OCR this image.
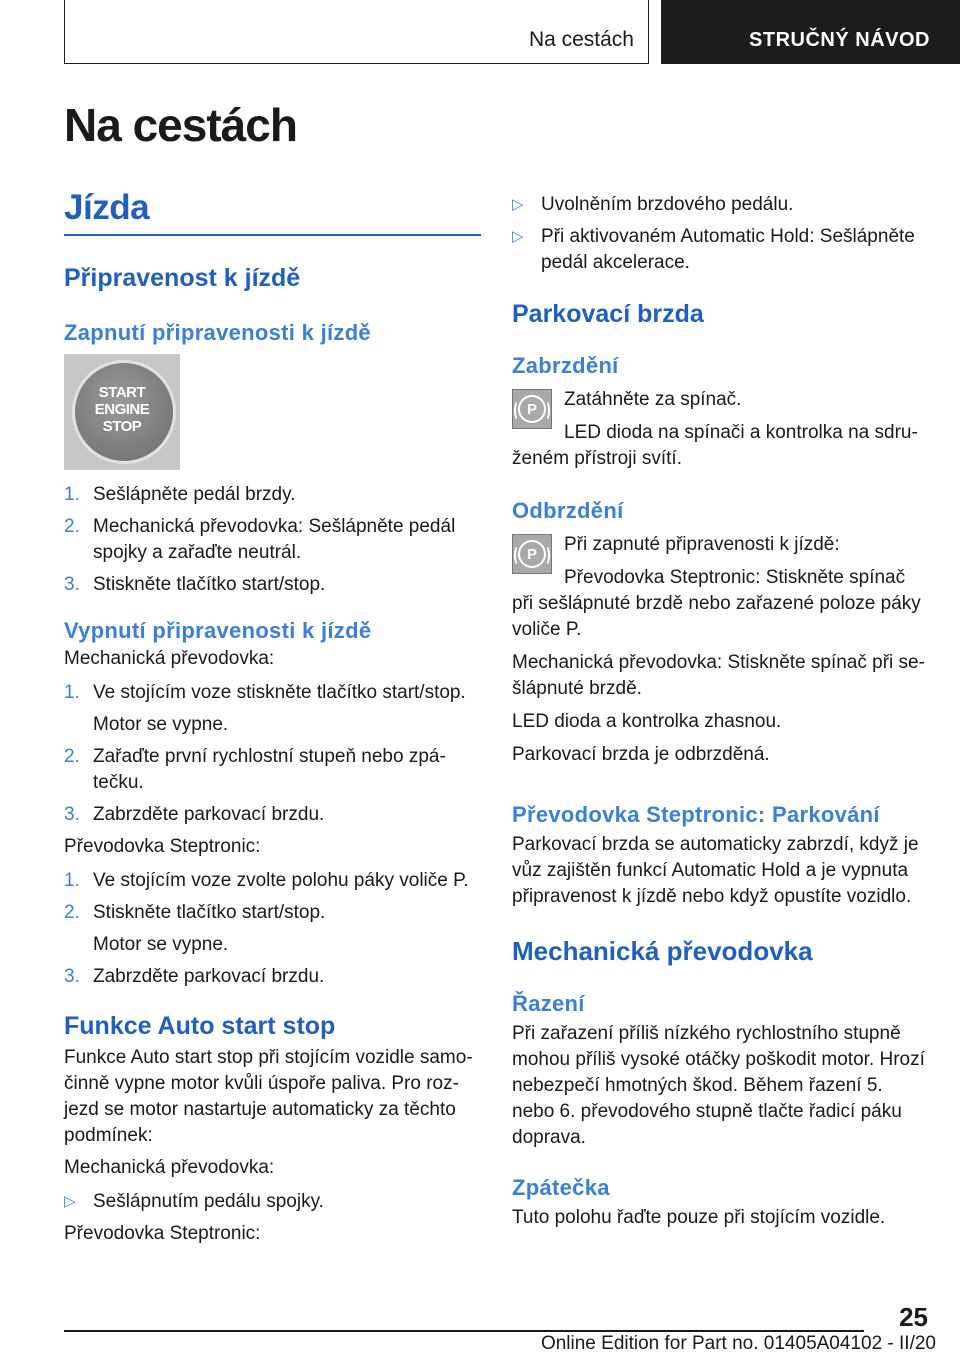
Na cestách	STRUČNÝ NÁVOD
Na cestách
Jízda
Připravenost k jízdě
Zapnutí připravenosti k jízdě
START
ENGINE
STOP
1. Sešlápněte pedál brzdy.
2. Mechanická převodovka: Sešlápněte pedál spojky a zařaďte neutrál.
3. Stiskněte tlačítko start/stop.
Vypnutí připravenosti k jízdě
Mechanická převodovka:
1. Ve stojícím voze stiskněte tlačítko start/stop.
Motor se vypne.
2. Zařaďte první rychlostní stupeň nebo zpá‐tečku.
3. Zabrzděte parkovací brzdu.
Převodovka Steptronic:
1. Ve stojícím voze zvolte polohu páky voliče P.
2. Stiskněte tlačítko start/stop.
Motor se vypne.
3. Zabrzděte parkovací brzdu.
Funkce Auto start stop
Funkce Auto start stop při stojícím vozidle samo‐činně vypne motor kvůli úspoře paliva. Pro roz‐jezd se motor nastartuje automaticky za těchto podmínek:
Mechanická převodovka:
▷ Sešlápnutím pedálu spojky.
Převodovka Steptronic:
▷ Uvolněním brzdového pedálu.
▷ Při aktivovaném Automatic Hold: Sešlápněte pedál akcelerace.
Parkovací brzda
Zabrzdění
P	Zatáhněte za spínač.
LED dioda na spínači a kontrolka na sdru‐
ženém přístroji svítí.
Odbrzdění
P	Při zapnuté připravenosti k jízdě:
Převodovka Steptronic: Stiskněte spínač
při sešlápnuté brzdě nebo zařazené poloze páky voliče P.
Mechanická převodovka: Stiskněte spínač při se‐šlápnuté brzdě.
LED dioda a kontrolka zhasnou.
Parkovací brzda je odbrzděná.
Převodovka Steptronic: Parkování
Parkovací brzda se automaticky zabrzdí, když je vůz zajištěn funkcí Automatic Hold a je vypnuta připravenost k jízdě nebo když opustíte vozidlo.
Mechanická převodovka
Řazení
Při zařazení příliš nízkého rychlostního stupně mohou příliš vysoké otáčky poškodit motor. Hrozí nebezpečí hmotných škod. Během řazení 5. nebo 6. převodového stupně tlačte řadicí páku doprava.
Zpátečka
Tuto polohu řaďte pouze při stojícím vozidle.
25
Online Edition for Part no. 01405A04102 - II/20
